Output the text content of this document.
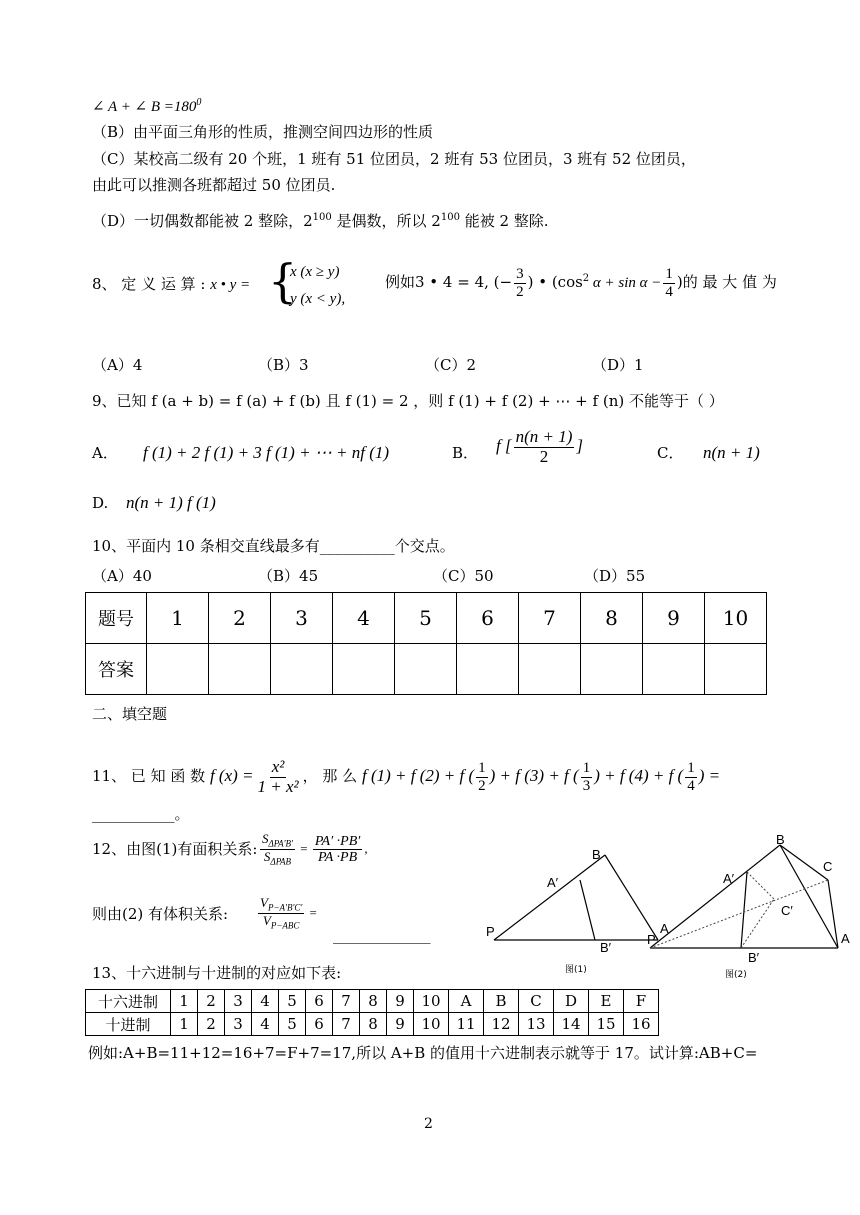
∠ A + ∠ $B =180^0$
（B）由平面三角形的性质，推测空间四边形的性质
（C）某校高二级有 20 个班，1 班有 51 位团员，2 班有 53 位团员，3 班有 52 位团员，
由此可以推测各班都超过 50 位团员.
（D）一切偶数都能被 2 整除，$2^{100}$ 是偶数，所以 $2^{100}$ 能被 2 整除.
8、 定 义 运 算 : x • y = {
x (x ≥ y)
y (x < y),
例如3 • 4 = 4, (− $\frac{3}{2}$ ) • ($\cos^2$ $\alpha + \sin \alpha - \frac{1}{4}$ )的 最 大 值 为
（A）4	（B）3	（C）2	（D）1
9、已知 f (a + b) = f (a) + f (b) 且 f (1) = 2 ，则 f (1) + f (2) + ⋯ + f (n) 不能等于（ ）
A． f (1) + 2 f (1) + 3 f (1) + ⋯ + nf (1)	B． f [ $\frac{n(n + 1)}{2}$ ]	C． n(n + 1)
D. n(n + 1) f (1)
10、平面内 10 条相交直线最多有__________个交点。
（A）40	（B）45	（C）50	（D）55
题号	1	2	3	4	5	6	7	8	9	10
答案										
二、填空题
11、 已 知 函 数 f $(x) = \frac{\text{x²}}{\text{1 + x²}}$ ， 那 么 f (1) + f (2) + f ( $\frac{1}{2}$ ) + f (3) + f ( $\frac{1}{3}$ ) + f (4) + f ( $\frac{1}{4}$ ) =
___________。
12、由图(1)有面积关系: $\frac{S_{\Delta PA'B'}}{S_{\Delta PAB}} = \frac{PA' \cdot PB'}{PA \cdot PB}$ ,
则由(2) 有体积关系: $\frac{V_{P-A'B'C'}}{V_{P-ABC}}$ =
_____________	P	A
B
A′
B′
图(1)
P	A
B
C
A′
B′
C′
图(2)
13、十六进制与十进制的对应如下表:
十六进制	1	2	3	4	5	6	7	8	9	10	A	B	C	D	E	F
十进制	1	2	3	4	5	6	7	8	9	10	11	12	13	14	15	16
例如:A+B=11+12=16+7=F+7=17,所以 A+B 的值用十六进制表示就等于 17。试计算:AB+C=
2
